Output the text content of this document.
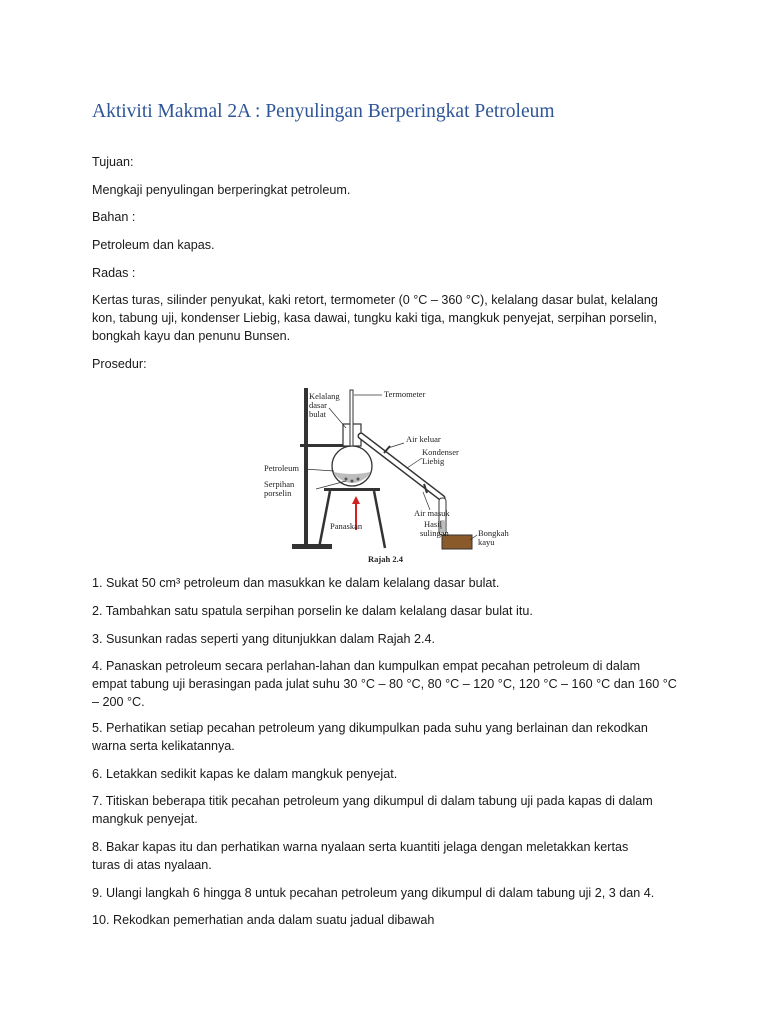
Aktiviti Makmal 2A : Penyulingan Berperingkat Petroleum

Tujuan:

Mengkaji penyulingan berperingkat petroleum.

Bahan :

Petroleum dan kapas.

Radas :

Kertas turas, silinder penyukat, kaki retort, termometer (0 °C – 360 °C), kelalang dasar bulat, kelalang

kon, tabung uji, kondenser Liebig, kasa dawai, tungku kaki tiga, mangkuk penyejat, serpihan porselin,

bongkah kayu dan penunu Bunsen.

Prosedur:

Kelalang
dasar
bulat
Termometer
Air keluar
Kondenser
Liebig
Petroleum
Serpihan
porselin
Air masuk
Panaskan	Hasil
sulingan	Bongkah
kayu
Rajah 2.4

1. Sukat 50 cm³ petroleum dan masukkan ke dalam kelalang dasar bulat.

2. Tambahkan satu spatula serpihan porselin ke dalam kelalang dasar bulat itu.

3. Susunkan radas seperti yang ditunjukkan dalam Rajah 2.4.

4. Panaskan petroleum secara perlahan-lahan dan kumpulkan empat pecahan petroleum di dalam

empat tabung uji berasingan pada julat suhu 30 °C – 80 °C, 80 °C – 120 °C, 120 °C – 160 °C dan 160 °C

– 200 °C.

5. Perhatikan setiap pecahan petroleum yang dikumpulkan pada suhu yang berlainan dan rekodkan

warna serta kelikatannya.

6. Letakkan sedikit kapas ke dalam mangkuk penyejat.

7. Titiskan beberapa titik pecahan petroleum yang dikumpul di dalam tabung uji pada kapas di dalam

mangkuk penyejat.

8. Bakar kapas itu dan perhatikan warna nyalaan serta kuantiti jelaga dengan meletakkan kertas

turas di atas nyalaan.

9. Ulangi langkah 6 hingga 8 untuk pecahan petroleum yang dikumpul di dalam tabung uji 2, 3 dan 4.

10. Rekodkan pemerhatian anda dalam suatu jadual dibawah
